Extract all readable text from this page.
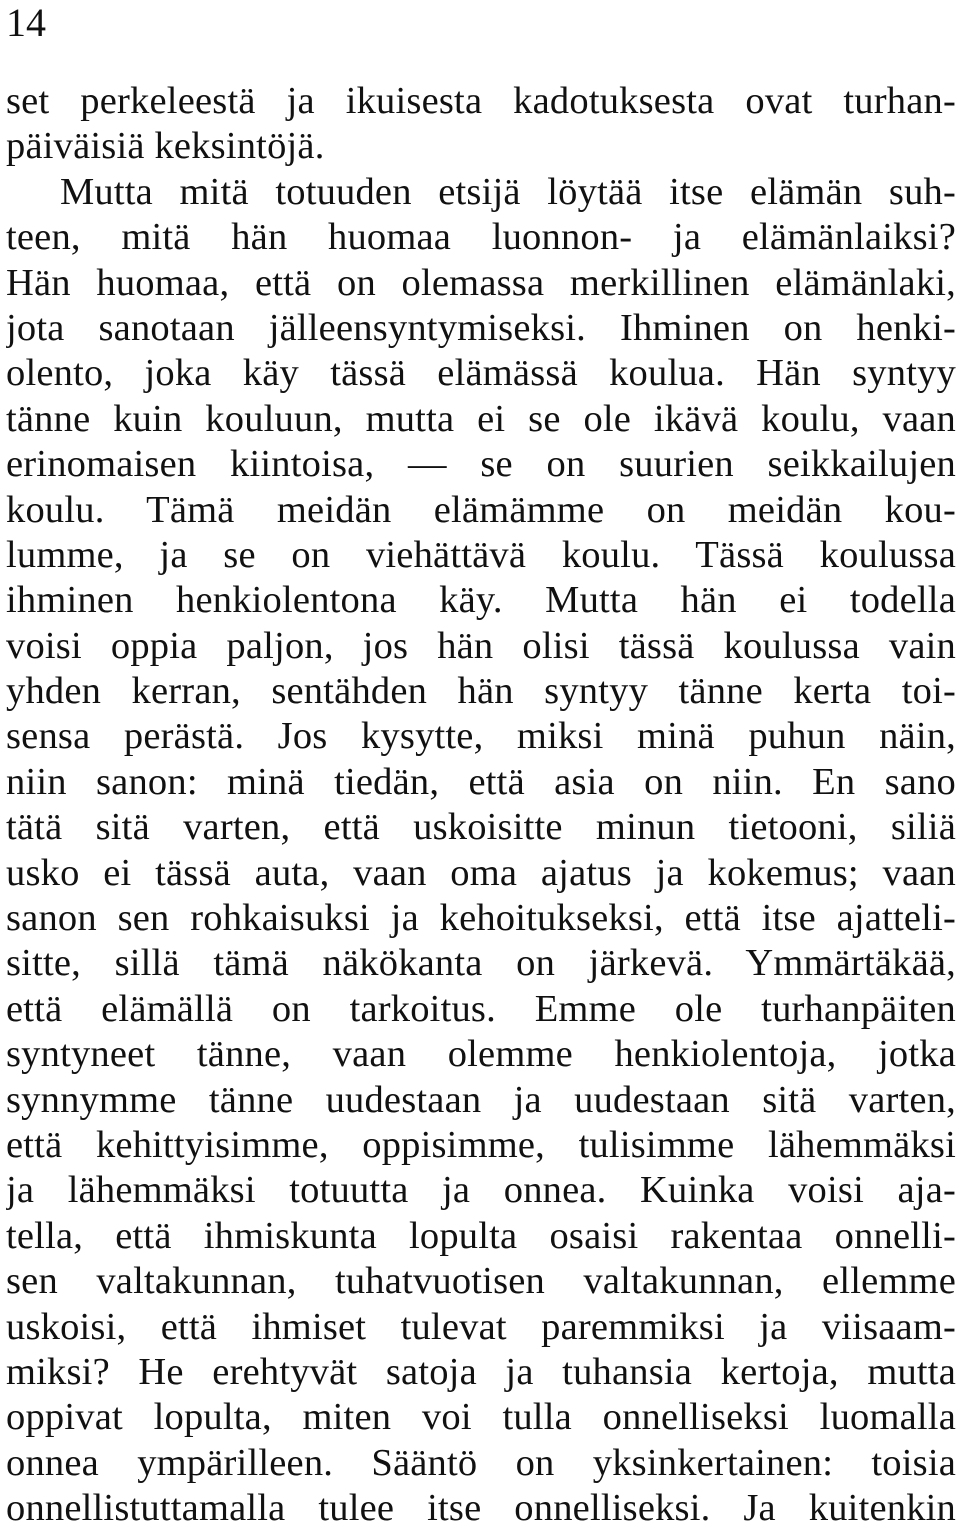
14

set perkeleestä ja ikuisesta kadotuksesta ovat turhan-
päiväisiä keksintöjä.
Mutta mitä totuuden etsijä löytää itse elämän suh-
teen, mitä hän huomaa luonnon- ja elämänlaiksi?
Hän huomaa, että on olemassa merkillinen elämänlaki,
jota sanotaan jälleensyntymiseksi. Ihminen on henki-
olento, joka käy tässä elämässä koulua. Hän syntyy
tänne kuin kouluun, mutta ei se ole ikävä koulu, vaan
erinomaisen kiintoisa, — se on suurien seikkailujen
koulu. Tämä meidän elämämme on meidän kou-
lumme, ja se on viehättävä koulu. Tässä koulussa
ihminen henkiolentona käy. Mutta hän ei todella
voisi oppia paljon, jos hän olisi tässä koulussa vain
yhden kerran, sentähden hän syntyy tänne kerta toi-
sensa perästä. Jos kysytte, miksi minä puhun näin,
niin sanon: minä tiedän, että asia on niin. En sano
tätä sitä varten, että uskoisitte minun tietooni, siliä
usko ei tässä auta, vaan oma ajatus ja kokemus; vaan
sanon sen rohkaisuksi ja kehoitukseksi, että itse ajatteli-
sitte, sillä tämä näkökanta on järkevä. Ymmärtäkää,
että elämällä on tarkoitus. Emme ole turhanpäiten
syntyneet tänne, vaan olemme henkiolentoja, jotka
synnymme tänne uudestaan ja uudestaan sitä varten,
että kehittyisimme, oppisimme, tulisimme lähemmäksi
ja lähemmäksi totuutta ja onnea. Kuinka voisi aja-
tella, että ihmiskunta lopulta osaisi rakentaa onnelli-
sen valtakunnan, tuhatvuotisen valtakunnan, ellemme
uskoisi, että ihmiset tulevat paremmiksi ja viisaam-
miksi? He erehtyvät satoja ja tuhansia kertoja, mutta
oppivat lopulta, miten voi tulla onnelliseksi luomalla
onnea ympärilleen. Sääntö on yksinkertainen: toisia
onnellistuttamalla tulee itse onnelliseksi. Ja kuitenkin
